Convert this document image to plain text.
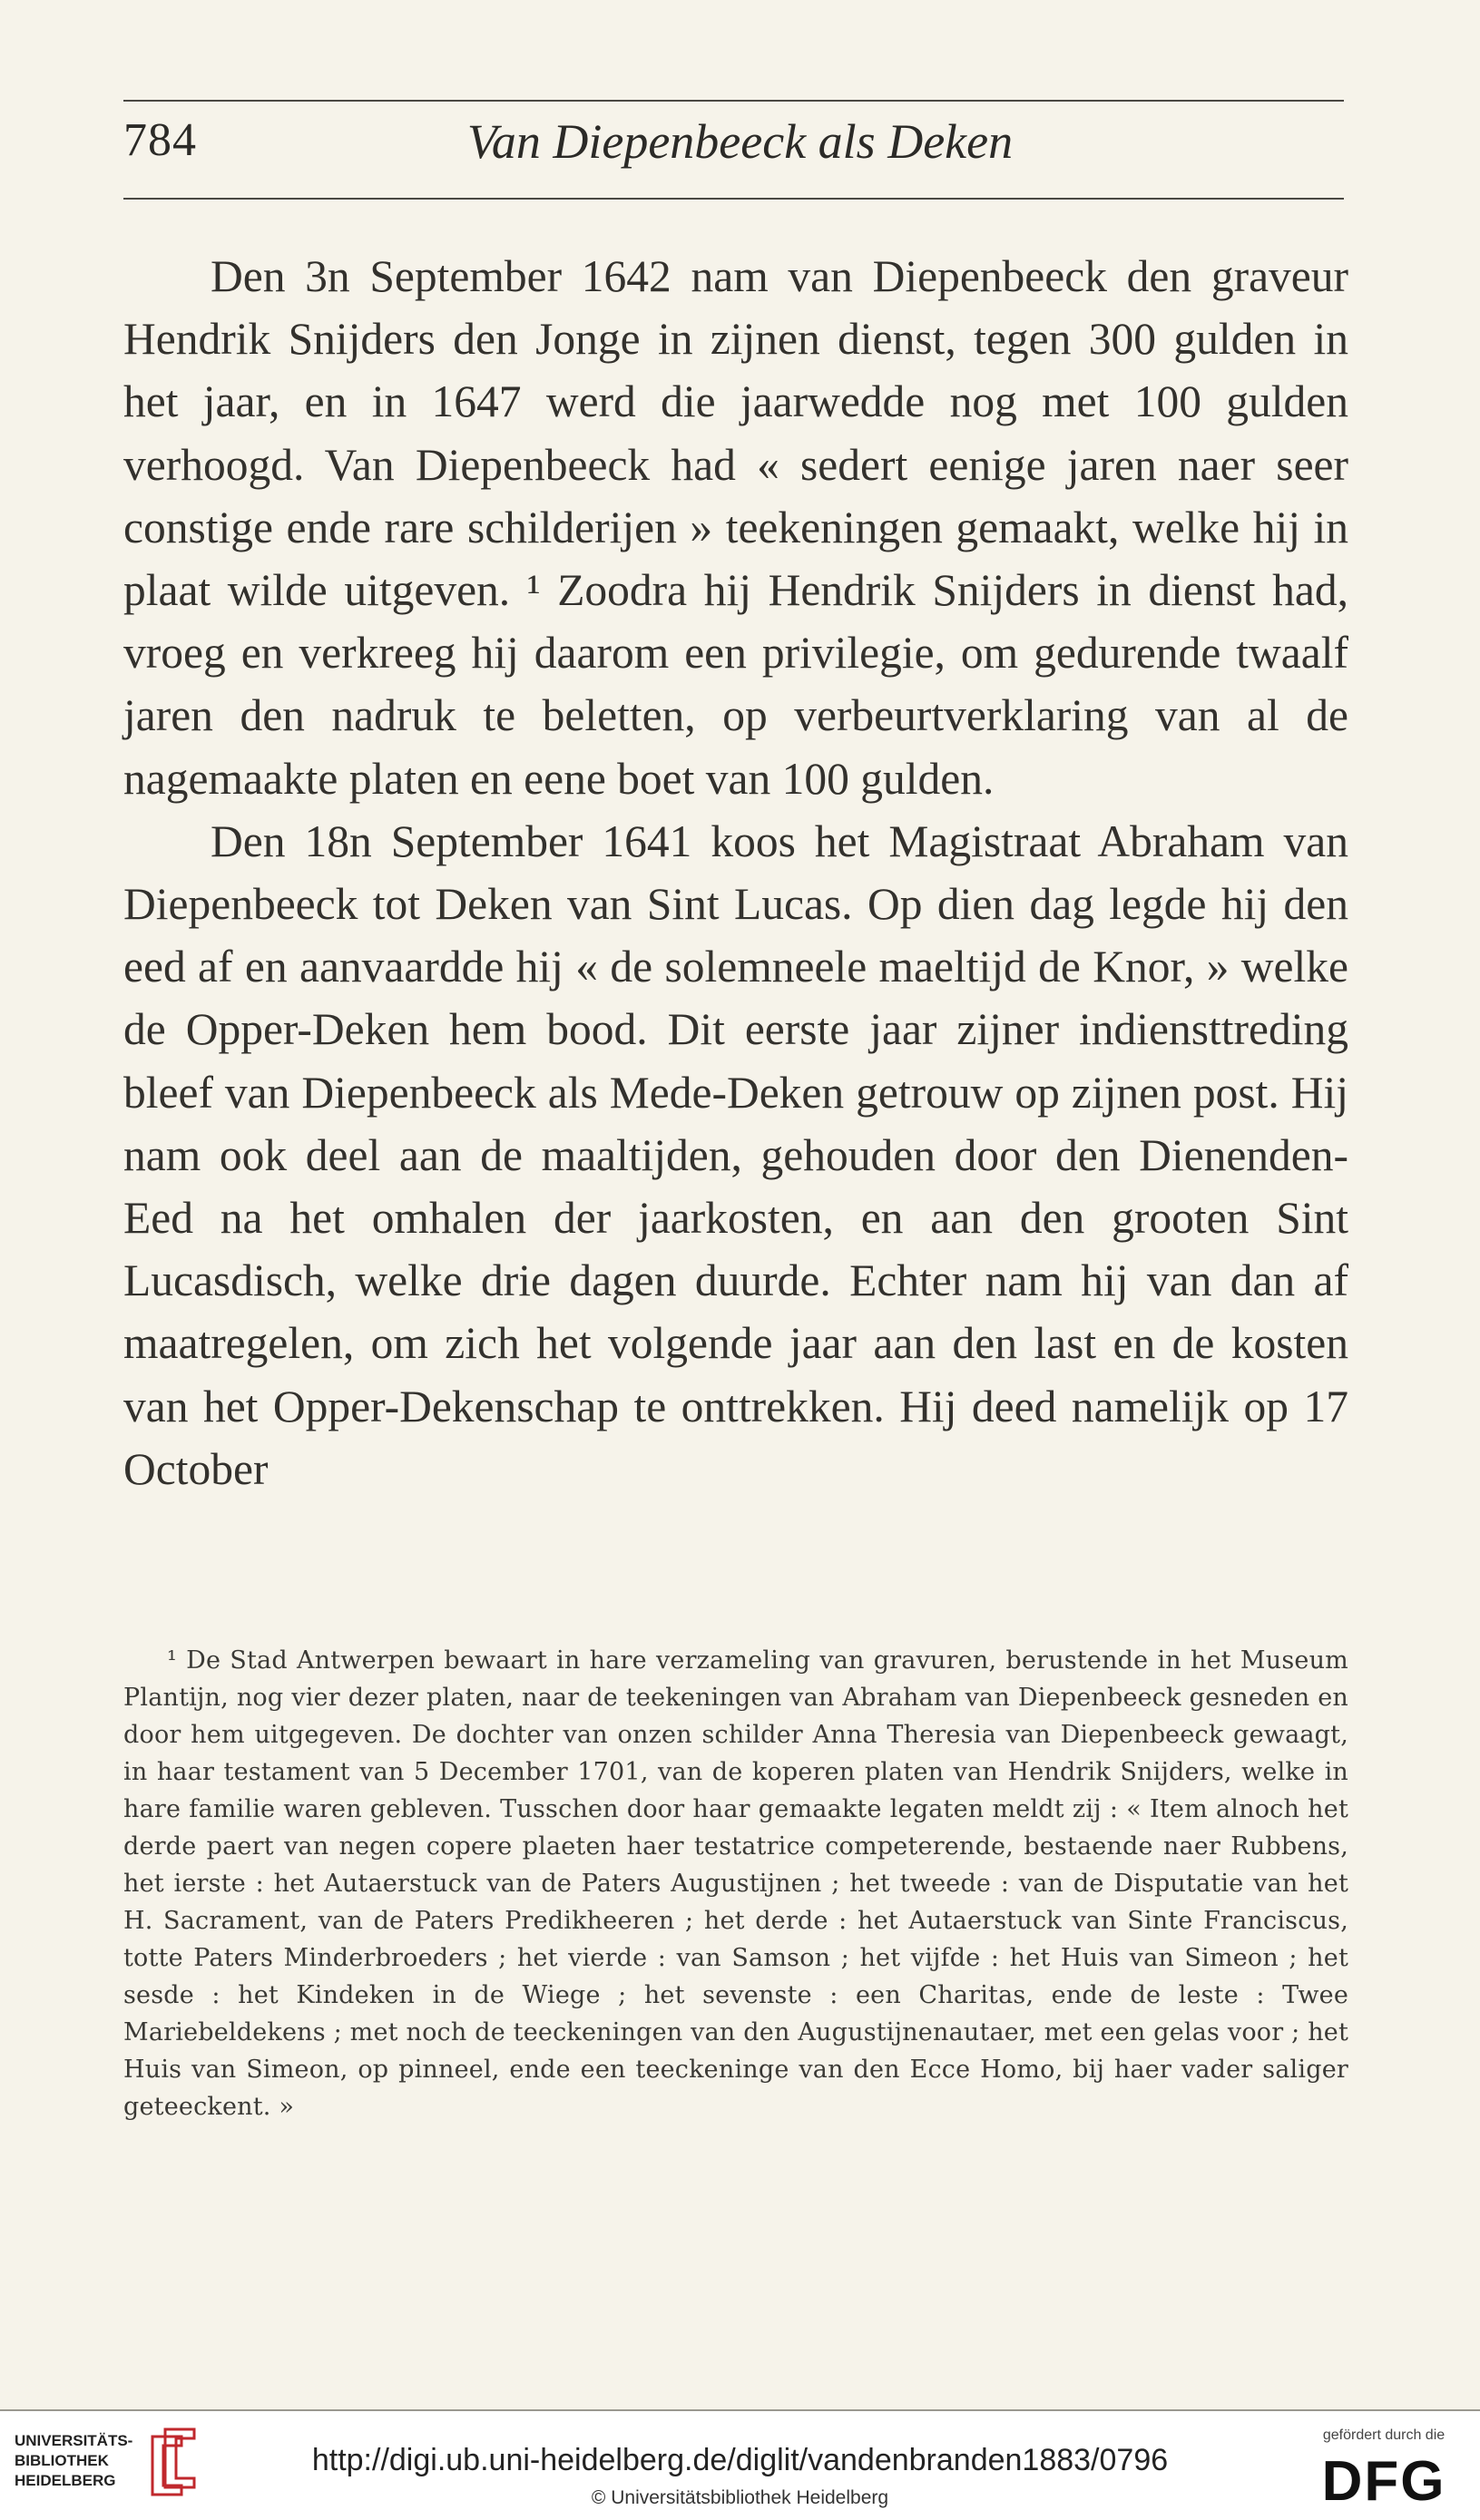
784	Van Diepenbeeck als Deken

Den 3n September 1642 nam van Diepenbeeck den graveur Hendrik Snijders den Jonge in zijnen dienst, tegen 300 gulden in het jaar, en in 1647 werd die jaarwedde nog met 100 gulden verhoogd. Van Diepenbeeck had « sedert eenige jaren naer seer constige ende rare schilderijen » teekeningen gemaakt, welke hij in plaat wilde uitgeven. ¹ Zoodra hij Hendrik Snijders in dienst had, vroeg en verkreeg hij daarom een privilegie, om gedurende twaalf jaren den nadruk te beletten, op verbeurtverklaring van al de nagemaakte platen en eene boet van 100 gulden.

Den 18n September 1641 koos het Magistraat Abraham van Diepenbeeck tot Deken van Sint Lucas. Op dien dag legde hij den eed af en aanvaardde hij « de solemneele maeltijd de Knor, » welke de Opper-Deken hem bood. Dit eerste jaar zijner indiensttreding bleef van Diepenbeeck als Mede-Deken getrouw op zijnen post. Hij nam ook deel aan de maaltijden, gehouden door den Dienenden-Eed na het omhalen der jaarkosten, en aan den grooten Sint Lucasdisch, welke drie dagen duurde. Echter nam hij van dan af maatregelen, om zich het volgende jaar aan den last en de kosten van het Opper-Dekenschap te onttrekken. Hij deed namelijk op 17 October

¹ De Stad Antwerpen bewaart in hare verzameling van gravuren, berustende in het Museum Plantijn, nog vier dezer platen, naar de teekeningen van Abraham van Diepenbeeck gesneden en door hem uitgegeven. De dochter van onzen schilder Anna Theresia van Diepenbeeck gewaagt, in haar testament van 5 December 1701, van de koperen platen van Hendrik Snijders, welke in hare familie waren gebleven. Tusschen door haar gemaakte legaten meldt zij : « Item alnoch het derde paert van negen copere plaeten haer testatrice competerende, bestaende naer Rubbens, het ierste : het Autaerstuck van de Paters Augustijnen ; het tweede : van de Disputatie van het H. Sacrament, van de Paters Predikheeren ; het derde : het Autaerstuck van Sinte Franciscus, totte Paters Minderbroeders ; het vierde : van Samson ; het vijfde : het Huis van Simeon ; het sesde : het Kindeken in de Wiege ; het sevenste : een Charitas, ende de leste : Twee Mariebeldekens ; met noch de teeckeningen van den Augustijnenautaer, met een gelas voor ; het Huis van Simeon, op pinneel, ende een teeckeninge van den Ecce Homo, bij haer vader saliger geteeckent. »

UNIVERSITÄTS-
BIBLIOTHEK
HEIDELBERG
http://digi.ub.uni-heidelberg.de/diglit/vandenbranden1883/0796
© Universitätsbibliothek Heidelberg
gefördert durch die
DFG
